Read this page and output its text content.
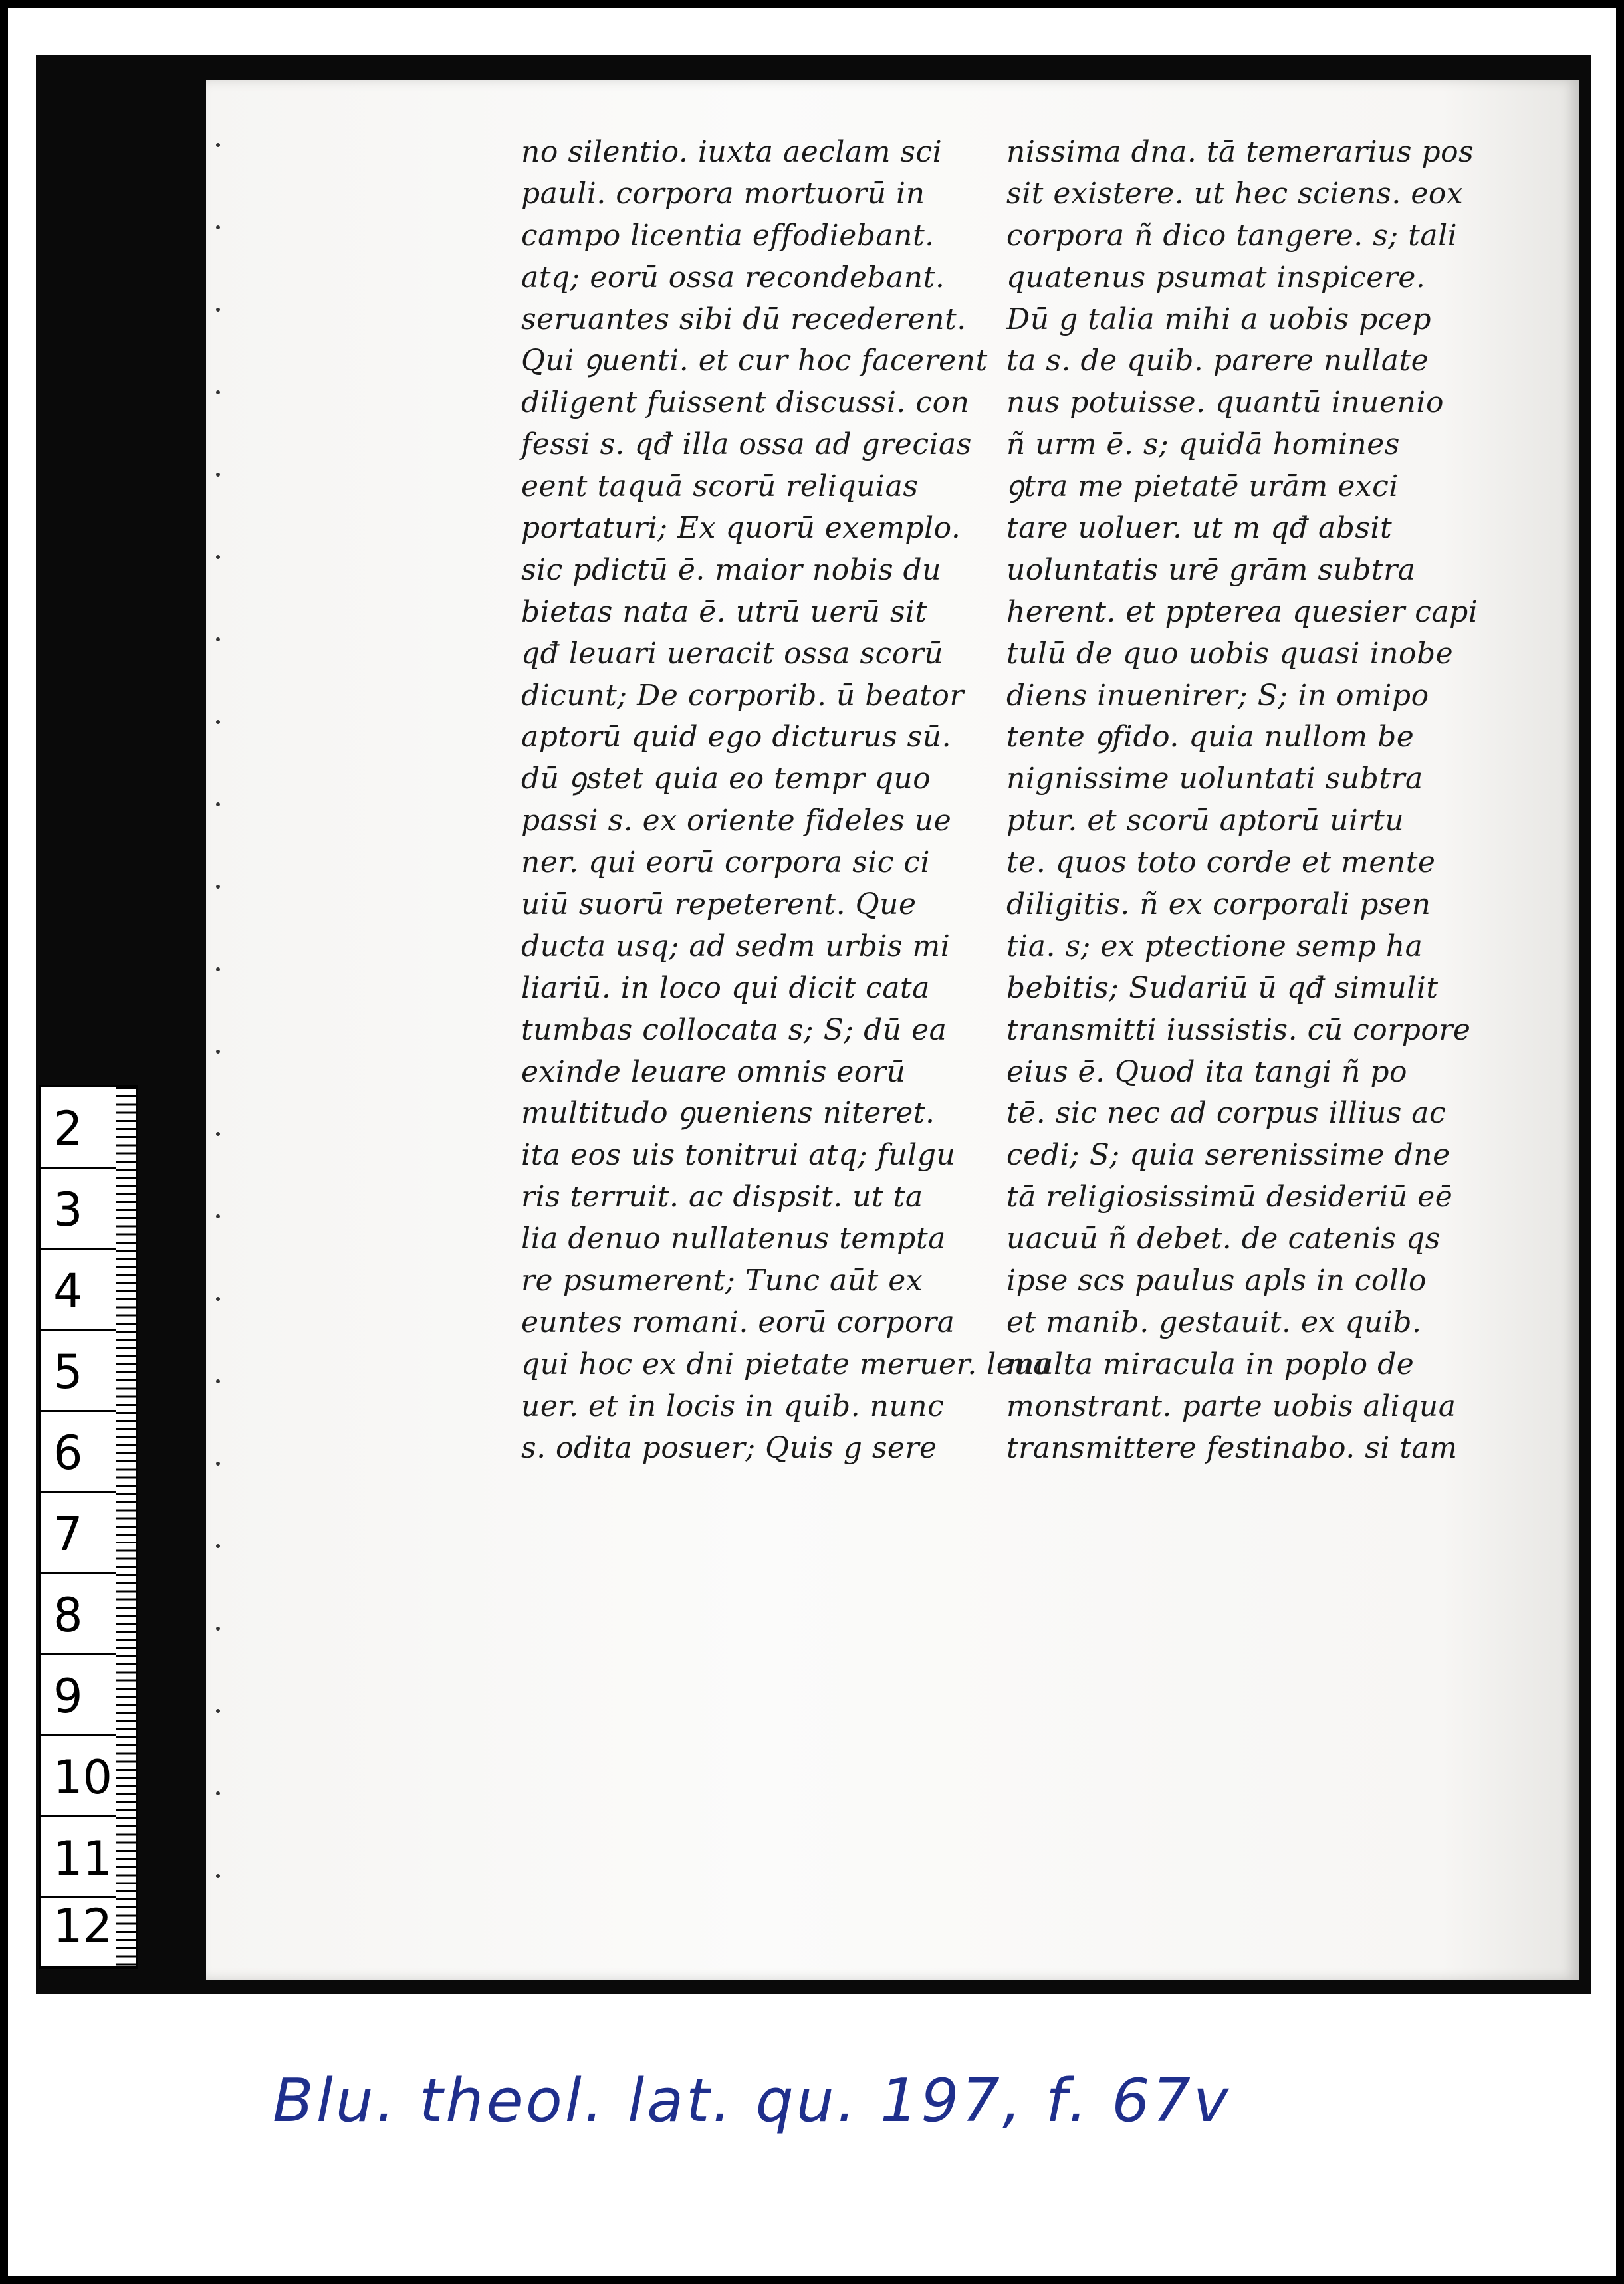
no silentio. iuxta aeclam sci
pauli. corpora mortuorū in
campo licentia effodiebant.
atq; eorū ossa recondebant.
seruantes sibi dū recederent.
Qui ꝯuenti. et cur hoc facerent
diligent fuissent discussi. con
fessi s. qđ illa ossa ad grecias
eent taquā scorū reliquias
portaturi; Ex quorū exemplo.
sic pdictū ē. maior nobis du
bietas nata ē. utrū uerū sit
qđ leuari ueracit ossa scorū
dicunt; De corporib. ū beator
aptorū quid ego dicturus sū.
dū ꝯstet quia eo tempr quo
passi s. ex oriente fideles ue
ner. qui eorū corpora sic ci
uiū suorū repeterent. Que
ducta usq; ad sedm urbis mi
liariū. in loco qui dicit cata
tumbas collocata s; S; dū ea
exinde leuare omnis eorū
multitudo ꝯueniens niteret.
ita eos uis tonitrui atq; fulgu
ris terruit. ac dispsit. ut ta
lia denuo nullatenus tempta
re psumerent; Tunc aūt ex
euntes romani. eorū corpora
qui hoc ex dni pietate meruer. leua
uer. et in locis in quib. nunc
s. odita posuer; Quis g sere
nissima dna. tā temerarius pos
sit existere. ut hec sciens. eox
corpora ñ dico tangere. s; tali
quatenus psumat inspicere.
Dū g talia mihi a uobis pcep
ta s. de quib. parere nullate
nus potuisse. quantū inuenio
ñ urm ē. s; quidā homines
ꝯtra me pietatē urām exci
tare uoluer. ut m qđ absit
uoluntatis urē grām subtra
herent. et ppterea quesier capi
tulū de quo uobis quasi inobe
diens inuenirer; S; in omipo
tente ꝯfido. quia nullom be
nignissime uoluntati subtra
ptur. et scorū aptorū uirtu
te. quos toto corde et mente
diligitis. ñ ex corporali psen
tia. s; ex ptectione semp ha
bebitis; Sudariū ū qđ simulit
transmitti iussistis. cū corpore
eius ē. Quod ita tangi ñ po
tē. sic nec ad corpus illius ac
cedi; S; quia serenissime dne
tā religiosissimū desideriū eē
uacuū ñ debet. de catenis qs
ipse scs paulus apls in collo
et manib. gestauit. ex quib.
multa miracula in poplo de
monstrant. parte uobis aliqua
transmittere festinabo. si tam
2
3
4
5
6
7
8
9
10
11
12
Blu. theol. lat. qu. 197, f. 67v
